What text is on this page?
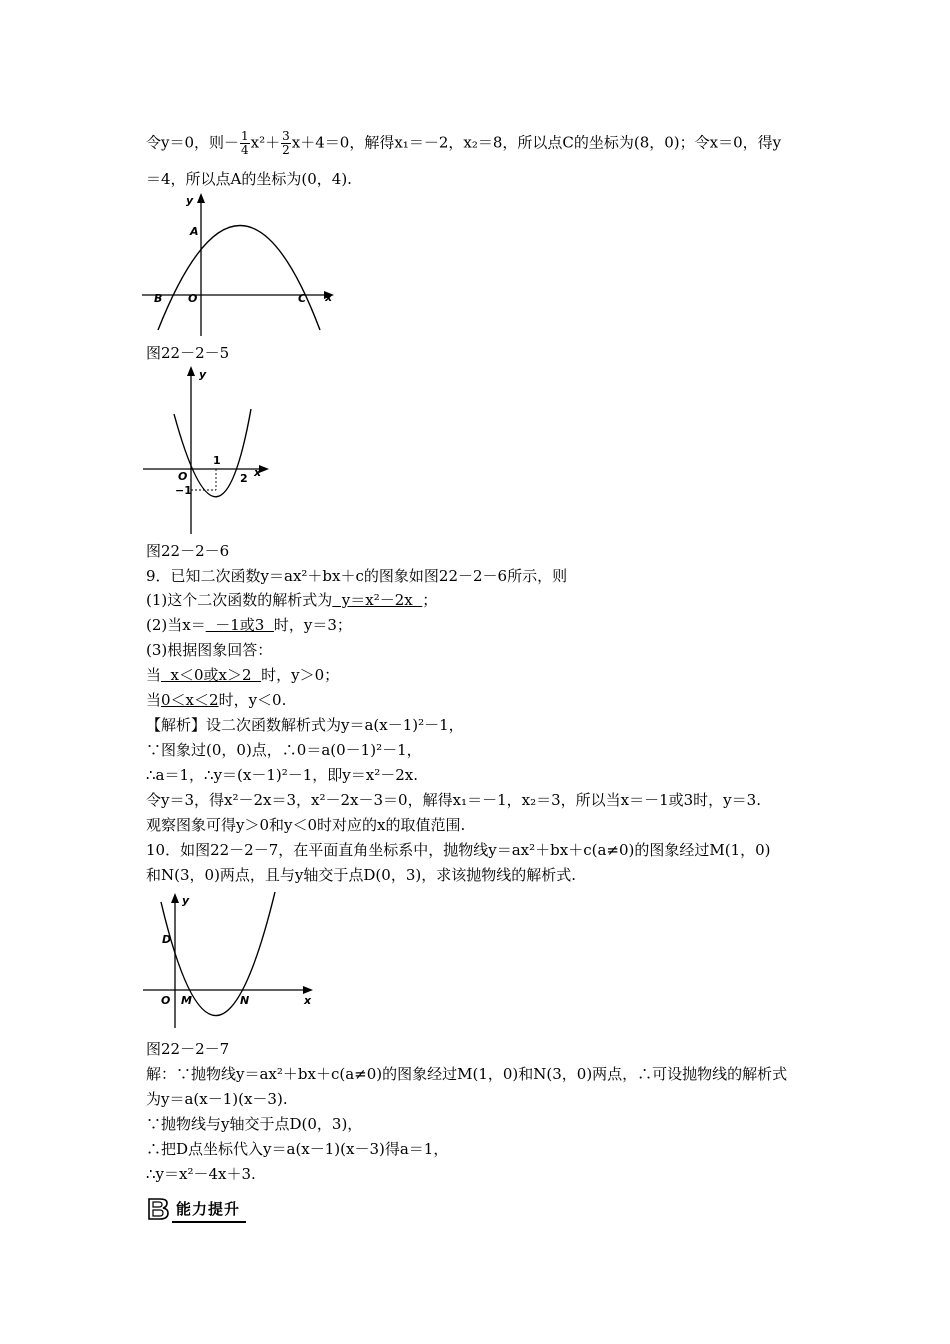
令y＝0，则－ $\frac{1}{4} x^2+ \frac{3}{2} x+4=0$，解得x₁＝－2，x₂＝8，所以点C的坐标为(8，0)；令x＝0，得y
＝4，所以点A的坐标为(0，4).
y
A
B O	C x
图22－2－5
y
1
O
−1
2 x
图22－2－6
9．已知二次函数y＝ax²＋bx＋c的图象如图22－2－6所示，则
(1)这个二次函数的解析式为  y＝x²－2x  ；
(2)当x＝  －1或3  时，y＝3；
(3)根据图象回答：
当  x＜0或x＞2  时，y＞0；
当0＜x＜2时，y＜0.
【解析】设二次函数解析式为y＝a(x－1)²－1，
∵图象过(0，0)点，∴0＝a(0－1)²－1，
∴a＝1，∴y＝(x－1)²－1，即y＝x²－2x.
令y＝3，得x²－2x＝3，x²－2x－3＝0，解得x₁＝－1，x₂＝3，所以当x＝－1或3时，y＝3.
观察图象可得y＞0和y＜0时对应的x的取值范围.
10．如图22－2－7，在平面直角坐标系中，抛物线y＝ax²＋bx＋c(a≠0)的图象经过M(1，0)
和N(3，0)两点，且与y轴交于点D(0，3)，求该抛物线的解析式.
y
D
O M	N	x
图22－2－7
解：∵抛物线y＝ax²＋bx＋c(a≠0)的图象经过M(1，0)和N(3，0)两点，∴可设抛物线的解析式
为y＝a(x－1)(x－3).
∵抛物线与y轴交于点D(0，3)，
∴把D点坐标代入y＝a(x－1)(x－3)得a＝1，
∴y＝x²－4x＋3.
能力提升
